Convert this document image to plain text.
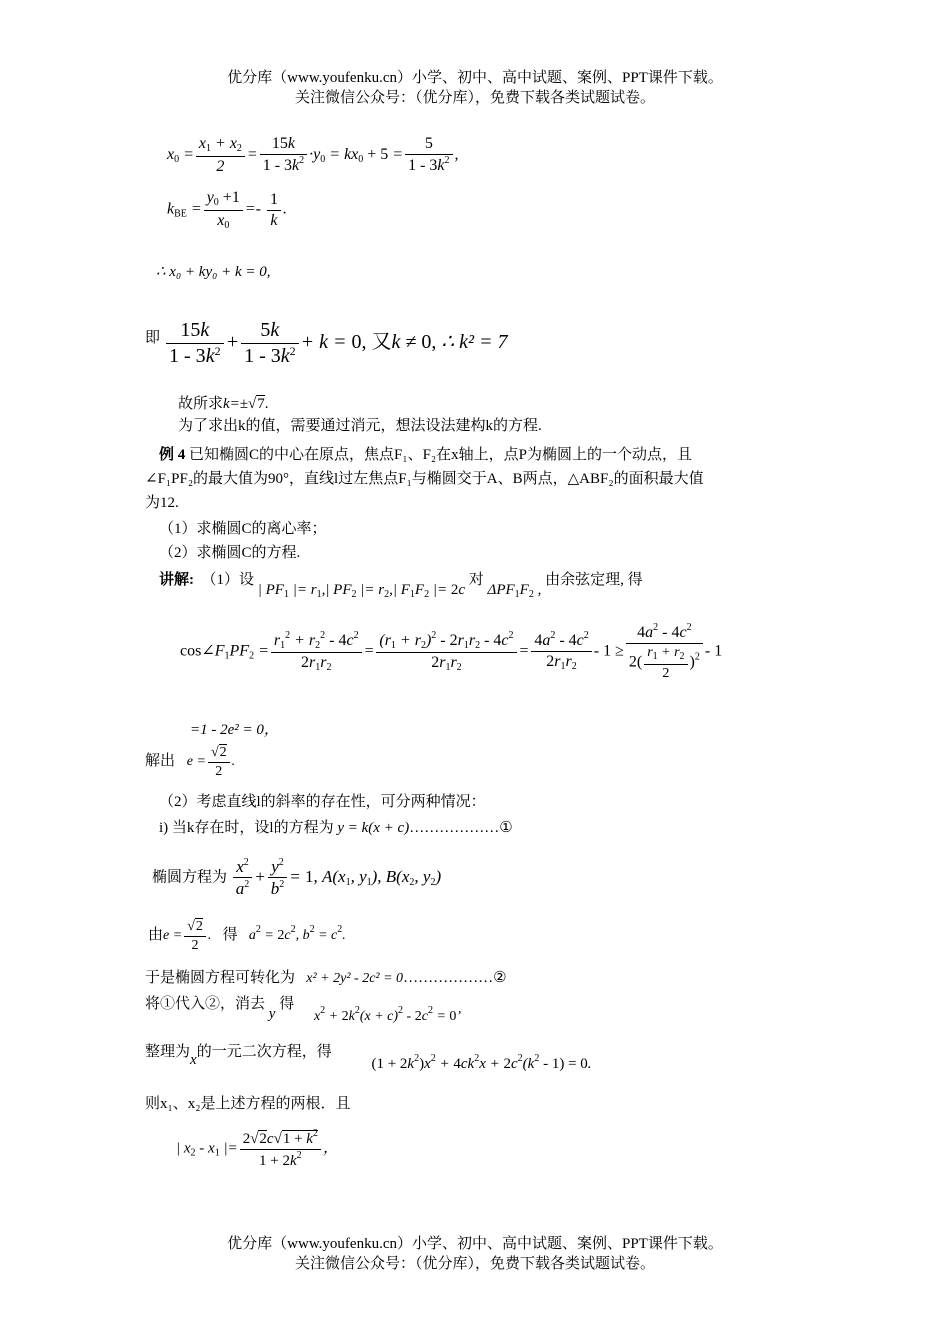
优分库（www.youfenku.cn）小学、初中、高中试题、案例、PPT课件下载。
关注微信公众号：（优分库），免费下载各类试题试卷。
$x_0 = \frac{x_1 + x_2}{2} = \frac{15k}{1 - 3k^2} \cdot y_0 = kx_0 + 5 = \frac{5}{1 - 3k^2}$ ,
$k_{BE} = \frac{y_0 +1}{x_0} =- \frac{1}{k}$ .
∴ x₀ + ky₀ + k = 0,
即 $\frac{15k}{1 - 3k^2} + \frac{5k}{1 - 3k^2} + k = 0$, 又k ≠ 0, ∴ k² = 7
故所求k=±√7.
为了求出k的值，需要通过消元，想法设法建构k的方程.
例 4 已知椭圆C的中心在原点，焦点F₁、F₂在x轴上，点P为椭圆上的一个动点，且
∠F₁PF₂的最大值为90°，直线l过左焦点F₁与椭圆交于A、B两点，△ABF₂的面积最大值
为12.
（1）求椭圆C的离心率；
（2）求椭圆C的方程.
讲解: （1）设 | $PF_1$ |= $r_1,|$ $PF_2$ |= $r_2,|$ $F_1F_2$ |= 2c 对 $\Delta PF_1F_2$ , 由余弦定理, 得
$\cos\angle F_1PF_2 = \frac{r_1^2 + r_2^2 - 4c^2}{2r_1r_2} = \frac{(r_1 + r_2)^2 - 2r_1r_2 - 4c^2}{2r_1r_2} = \frac{4a^2 - 4c^2}{2r_1r_2} - 1 \ge \frac{4a^2 - 4c^2}{2( \frac{r_1 + r_2}{2} )^2} - 1$
=1 - 2e² = 0，
解出 $e = \frac{√2}{2}$ .
（2）考虑直线l的斜率的存在性，可分两种情况：
i) 当k存在时，设l的方程为 y = k(x + c)………………①
椭圆方程为 $\frac{x^2}{a^2} + \frac{y^2}{b^2} = 1$, $A(x_1$, $y_1$), $B(x_2$, $y_2$)
由$e = \frac{√2}{2}$ . 得 $a^2 = 2c^2$, $b^2 = c^2$.
于是椭圆方程可转化为 x² + 2y² - 2c² = 0………………②
将①代入②，消去 y 得 $x^2 + 2k^2(x + c)^2 - 2c^2 = 0$’
整理为x的一元二次方程，得 $(1 + 2k^2)x^2 + 4ck^2x + 2c^2(k^2 - 1) = 0$.
则x₁、x₂是上述方程的两根．且
| $x_2 - x_1$ |= $\frac{2√2c√1 + k^2}{1 + 2k^2}$ ，
优分库（www.youfenku.cn）小学、初中、高中试题、案例、PPT课件下载。
关注微信公众号：（优分库），免费下载各类试题试卷。
